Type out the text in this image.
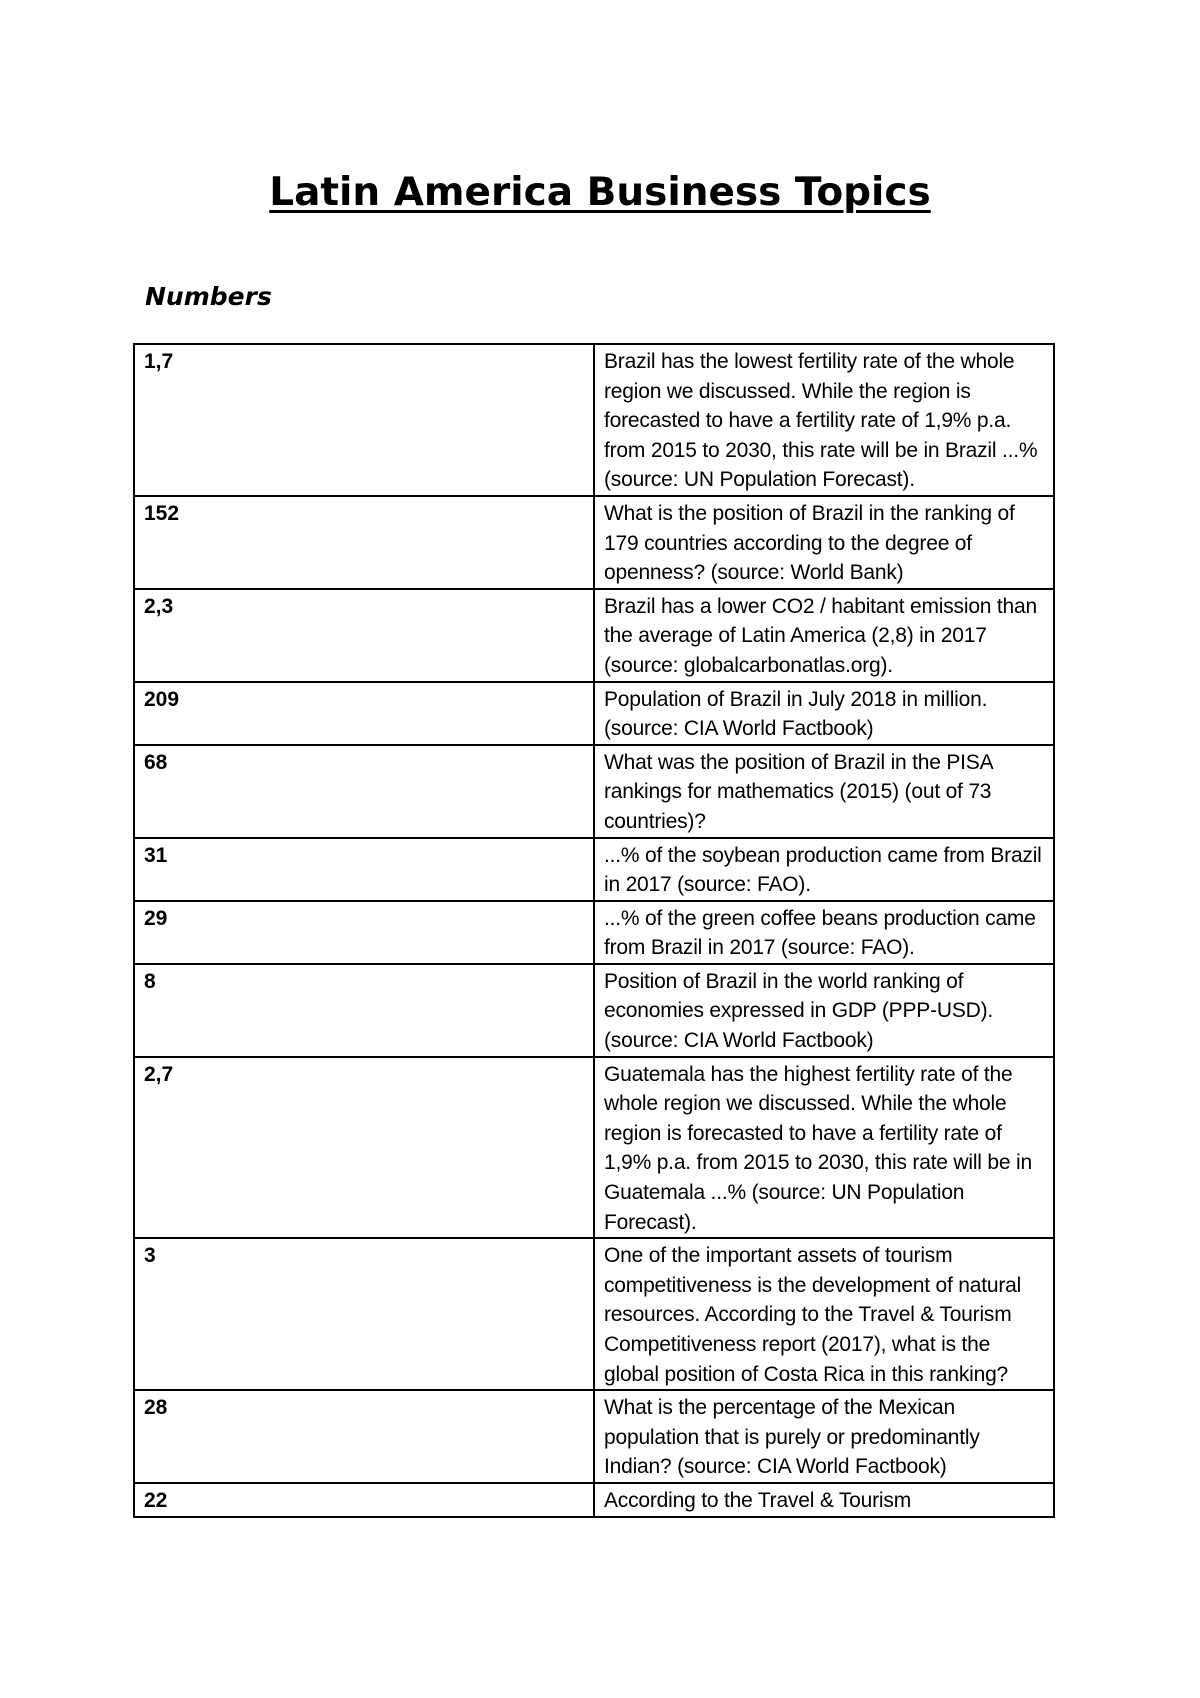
Latin America Business Topics
Numbers
1,7	Brazil has the lowest fertility rate of the whole region we discussed. While the region is forecasted to have a fertility rate of 1,9% p.a. from 2015 to 2030, this rate will be in Brazil ...% (source: UN Population Forecast).
152	What is the position of Brazil in the ranking of 179 countries according to the degree of openness? (source: World Bank)
2,3	Brazil has a lower CO2 / habitant emission than the average of Latin America (2,8) in 2017 (source: globalcarbonatlas.org).
209	Population of Brazil in July 2018 in million. (source: CIA World Factbook)
68	What was the position of Brazil in the PISA rankings for mathematics (2015) (out of 73 countries)?
31	...% of the soybean production came from Brazil in 2017 (source: FAO).
29	...% of the green coffee beans production came from Brazil in 2017 (source: FAO).
8	Position of Brazil in the world ranking of economies expressed in GDP (PPP-USD). (source: CIA World Factbook)
2,7	Guatemala has the highest fertility rate of the whole region we discussed. While the whole region is forecasted to have a fertility rate of 1,9% p.a. from 2015 to 2030, this rate will be in Guatemala ...% (source: UN Population Forecast).
3	One of the important assets of tourism competitiveness is the development of natural resources. According to the Travel & Tourism Competitiveness report (2017), what is the global position of Costa Rica in this ranking?
28	What is the percentage of the Mexican population that is purely or predominantly Indian? (source: CIA World Factbook)
22	According to the Travel & Tourism
